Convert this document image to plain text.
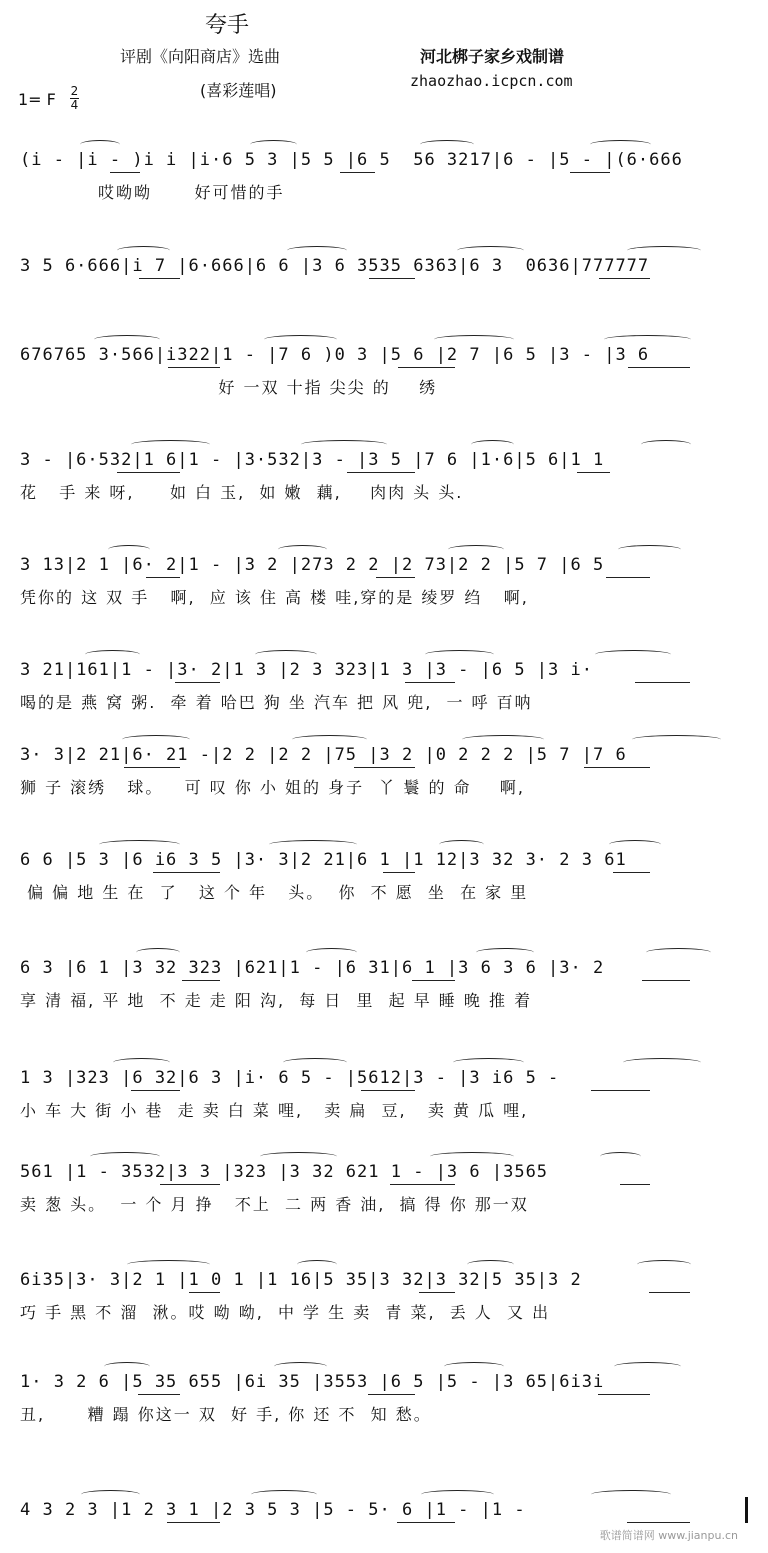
夸手
评剧《向阳商店》选曲
(喜彩莲唱)
河北梆子家乡戏制谱
zhaozhao.icpcn.com
1= F 2
4
(i - |i - )i i |i·6 5 3 |5 5 |6 5  56 3217|6 - |5 - |(6·666
哎呦呦      好可惜的手
3 5 6·666|i 7 |6·666|6 6 |3 6 3535 6363|6 3  0636|777777
676765 3·566|i322|1 - |7 6 )0 3 |5 6 |2 7 |6 5 |3 - |3 6
好 一双 十指 尖尖 的    绣
3 - |6·532|1 6|1 - |3·532|3 - |3 5 |7 6 |1·6|5 6|1 1
花   手 来 呀,     如 白 玉,  如 嫩  藕,    肉肉 头 头.
3 13|2 1 |6· 2|1 - |3 2 |273 2 2 |2 73|2 2 |5 7 |6 5
凭你的 这 双 手   啊,  应 该 住 高 楼 哇,穿的是 绫罗 绉   啊,
3 21|161|1 - |3· 2|1 3 |2 3 323|1 3 |3 - |6 5 |3 i·
喝的是 燕 窝 粥.  牵 着 哈巴 狗 坐 汽车 把 风 兜,  一 呼 百呐
3· 3|2 21|6· 21 -|2 2 |2 2 |75 |3 2 |0 2 2 2 |5 7 |7 6
狮 子 滚绣   球。   可 叹 你 小 姐的 身子  丫 鬟 的 命    啊,
6 6 |5 3 |6 i6 3 5 |3· 3|2 21|6 1 |1 12|3 32 3· 2 3 61
偏 偏 地 生 在  了   这 个 年   头。  你  不 愿  坐  在 家 里
6 3 |6 1 |3 32 323 |621|1 - |6 31|6 1 |3 6 3 6 |3· 2
享 清 福, 平 地  不 走 走 阳 沟,  每 日  里  起 早 睡 晚 推 着
1 3 |323 |6 32|6 3 |i· 6 5 - |5612|3 - |3 i6 5 -
小 车 大 街 小 巷  走 卖 白 菜 哩,   卖 扁  豆,   卖 黄 瓜 哩,
561 |1 - 3532|3 3 |323 |3 32 621 1 - |3 6 |3565
卖 葱 头。  一 个 月 挣   不上  二 两 香 油,  搞 得 你 那一双
6i35|3· 3|2 1 |1 0 1 |1 16|5 35|3 32|3 32|5 35|3 2
巧 手 黑 不 溜  湫。哎 呦 呦,  中 学 生 卖  青 菜,  丢 人  又 出
1· 3 2 6 |5 35 655 |6i 35 |3553 |6 5 |5 - |3 65|6i3i
丑,      糟 蹋 你这一 双  好 手, 你 还 不  知 愁。
4 3 2 3 |1 2 3 1 |2 3 5 3 |5 - 5· 6 |1 - |1 -
歌谱简谱网 www.jianpu.cn
